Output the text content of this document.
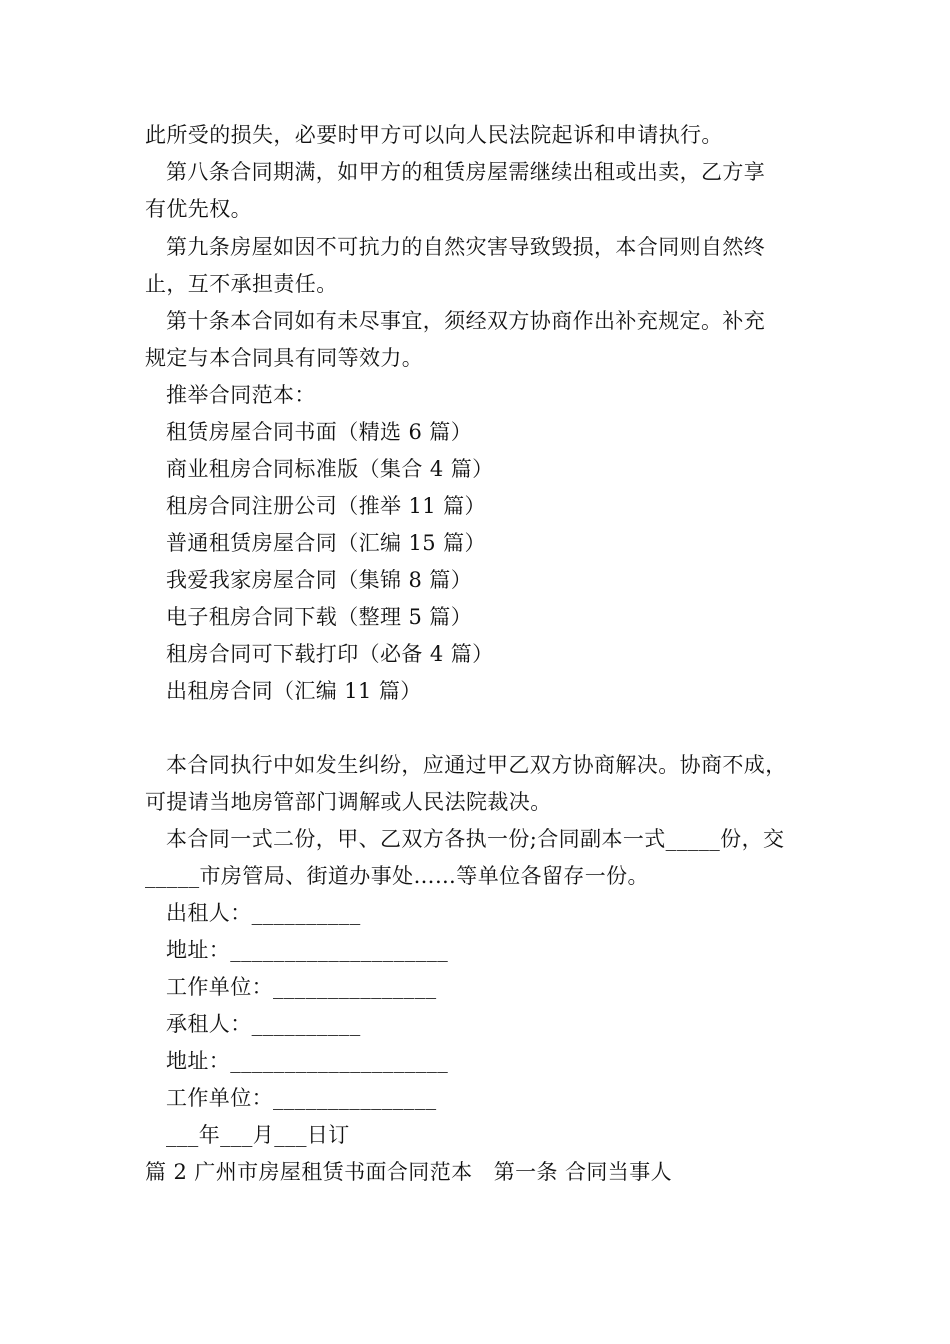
此所受的损失，必要时甲方可以向人民法院起诉和申请执行。
第八条合同期满，如甲方的租赁房屋需继续出租或出卖，乙方享
有优先权。
第九条房屋如因不可抗力的自然灾害导致毁损，本合同则自然终
止，互不承担责任。
第十条本合同如有未尽事宜，须经双方协商作出补充规定。补充
规定与本合同具有同等效力。
推举合同范本：
租赁房屋合同书面（精选 6 篇）
商业租房合同标准版（集合 4 篇）
租房合同注册公司（推举 11 篇）
普通租赁房屋合同（汇编 15 篇）
我爱我家房屋合同（集锦 8 篇）
电子租房合同下载（整理 5 篇）
租房合同可下载打印（必备 4 篇）
出租房合同（汇编 11 篇）
本合同执行中如发生纠纷，应通过甲乙双方协商解决。协商不成，
可提请当地房管部门调解或人民法院裁决。
本合同一式二份，甲、乙双方各执一份;合同副本一式_____份，交
_____市房管局、街道办事处……等单位各留存一份。
出租人：__________
地址：____________________
工作单位：_______________
承租人：__________
地址：____________________
工作单位：_______________
___年___月___日订
篇 2 广州市房屋租赁书面合同范本   第一条 合同当事人
